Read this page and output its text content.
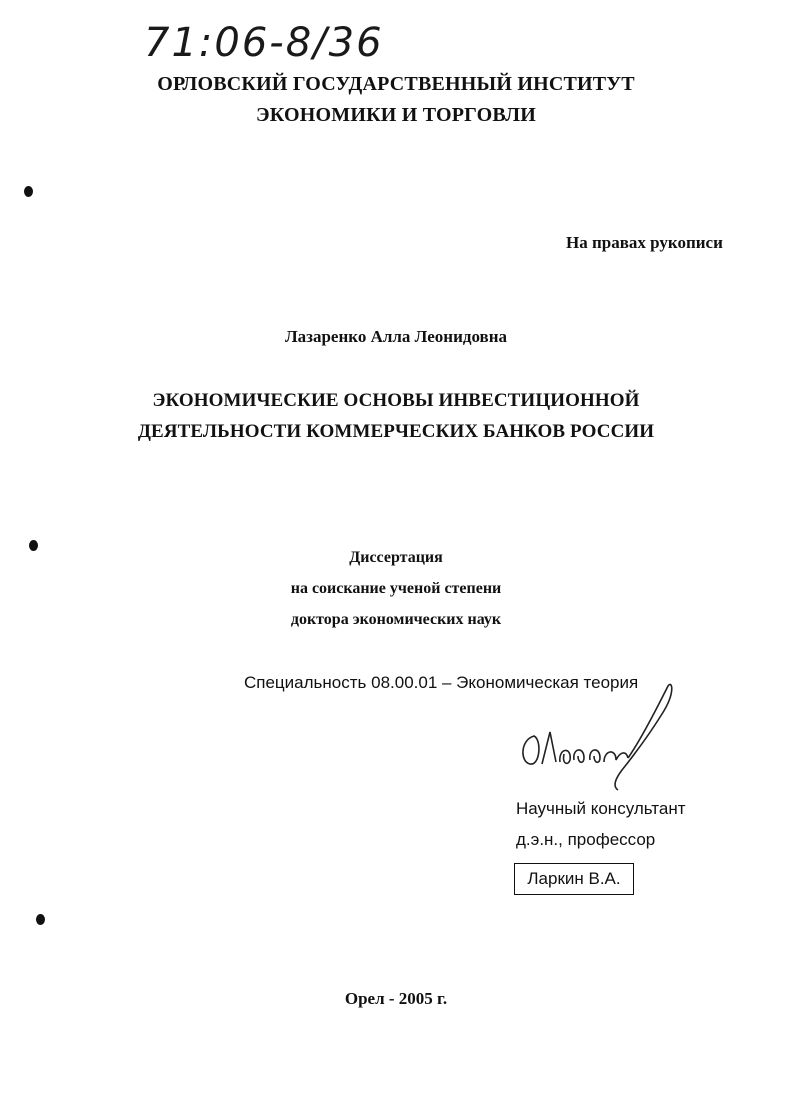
71:06-8/36
ОРЛОВСКИЙ ГОСУДАРСТВЕННЫЙ ИНСТИТУТ
ЭКОНОМИКИ И ТОРГОВЛИ
На правах рукописи
Лазаренко Алла Леонидовна
ЭКОНОМИЧЕСКИЕ ОСНОВЫ ИНВЕСТИЦИОННОЙ
ДЕЯТЕЛЬНОСТИ КОММЕРЧЕСКИХ БАНКОВ РОССИИ
Диссертация
на соискание ученой степени
доктора экономических наук
Специальность 08.00.01 – Экономическая теория
Научный консультант
д.э.н., профессор
Ларкин В.А.
Орел - 2005 г.
